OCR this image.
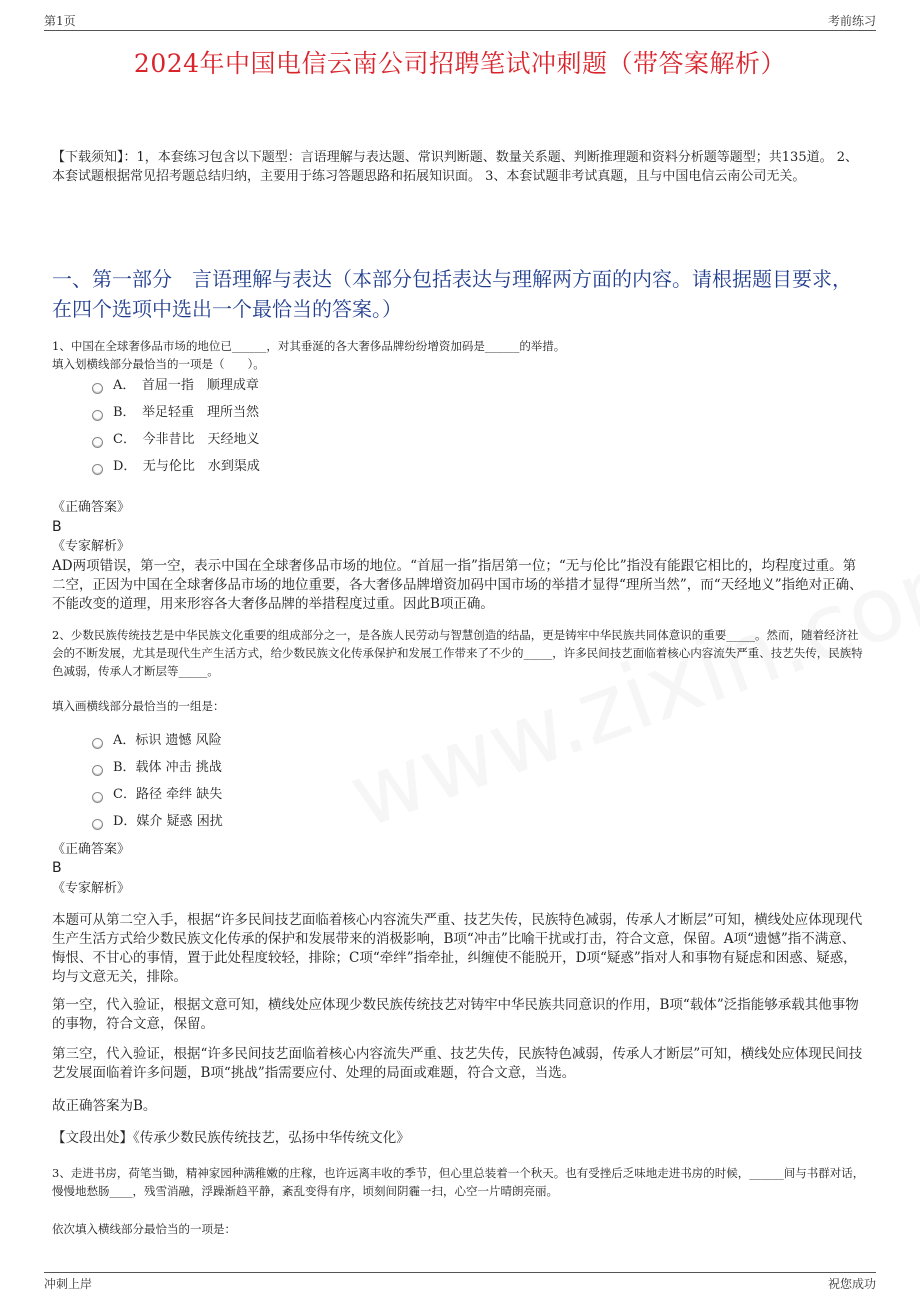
第1页	考前练习
2024年中国电信云南公司招聘笔试冲刺题（带答案解析）
【下载须知】：1，本套练习包含以下题型：言语理解与表达题、常识判断题、数量关系题、判断推理题和资料分析题等题型；共135道。 2、本套试题根据常见招考题总结归纳，主要用于练习答题思路和拓展知识面。 3、本套试题非考试真题，且与中国电信云南公司无关。
一、第一部分　言语理解与表达（本部分包括表达与理解两方面的内容。请根据题目要求，在四个选项中选出一个最恰当的答案。）
1、中国在全球奢侈品市场的地位已______，对其垂涎的各大奢侈品牌纷纷增资加码是______的举措。
填入划横线部分最恰当的一项是（　　）。
A．　首屈一指　顺理成章
B．　举足轻重　理所当然
C．　今非昔比　天经地义
D．　无与伦比　水到渠成
《正确答案》
B
《专家解析》
AD两项错误，第一空，表示中国在全球奢侈品市场的地位。“首屈一指”指居第一位；“无与伦比”指没有能跟它相比的，均程度过重。第二空，正因为中国在全球奢侈品市场的地位重要，各大奢侈品牌增资加码中国市场的举措才显得“理所当然”，而“天经地义”指绝对正确、不能改变的道理，用来形容各大奢侈品牌的举措程度过重。因此B项正确。
2、少数民族传统技艺是中华民族文化重要的组成部分之一，是各族人民劳动与智慧创造的结晶，更是铸牢中华民族共同体意识的重要_____。然而，随着经济社会的不断发展，尤其是现代生产生活方式，给少数民族文化传承保护和发展工作带来了不少的_____，许多民间技艺面临着核心内容流失严重、技艺失传，民族特色减弱，传承人才断层等_____。
填入画横线部分最恰当的一组是：
A．标识 遗憾 风险
B．载体 冲击 挑战
C．路径 牵绊 缺失
D．媒介 疑惑 困扰
《正确答案》
B
《专家解析》
本题可从第二空入手，根据“许多民间技艺面临着核心内容流失严重、技艺失传，民族特色减弱，传承人才断层”可知，横线处应体现现代生产生活方式给少数民族文化传承的保护和发展带来的消极影响，B项“冲击”比喻干扰或打击，符合文意，保留。A项“遗憾”指不满意、悔恨、不甘心的事情，置于此处程度较轻，排除；C项“牵绊”指牵扯，纠缠使不能脱开，D项“疑惑”指对人和事物有疑虑和困惑、疑惑，均与文意无关，排除。
第一空，代入验证，根据文意可知，横线处应体现少数民族传统技艺对铸牢中华民族共同意识的作用，B项“载体”泛指能够承载其他事物的事物，符合文意，保留。
第三空，代入验证，根据“许多民间技艺面临着核心内容流失严重、技艺失传，民族特色减弱，传承人才断层”可知，横线处应体现民间技艺发展面临着许多问题，B项“挑战”指需要应付、处理的局面或难题，符合文意，当选。
故正确答案为B。
【文段出处】《传承少数民族传统技艺，弘扬中华传统文化》
3、走进书房，荷笔当锄，精神家园种满稚嫩的庄稼，也许远离丰收的季节，但心里总装着一个秋天。也有受挫后乏味地走进书房的时候，______间与书群对话，慢慢地愁肠____，残雪消融，浮躁渐趋平静，紊乱变得有序，顷刻间阴霾一扫，心空一片晴朗亮丽。
依次填入横线部分最恰当的一项是：
冲刺上岸	祝您成功
